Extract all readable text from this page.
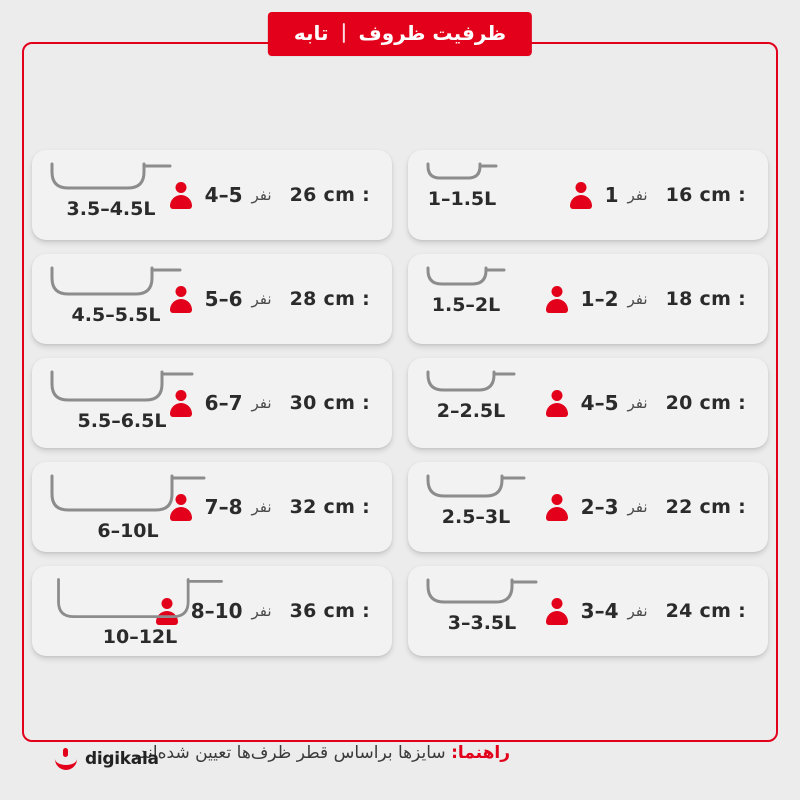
ظرفیت ظروف
تابه
16 cm :
نفر
1
1–1.5L
26 cm :
نفر
4–5
3.5–4.5L
18 cm :
نفر
1–2
1.5–2L
28 cm :
نفر
5–6
4.5–5.5L
20 cm :
نفر
4–5
2–2.5L
30 cm :
نفر
6–7
5.5–6.5L
22 cm :
نفر
2–3
2.5–3L
32 cm :
نفر
7–8
6–10L
24 cm :
نفر
3–4
3–3.5L
36 cm :
نفر
8–10
10–12L
راهنما: سایزها براساس قطر ظرف‌ها تعیین شده‌اند.
digikala
